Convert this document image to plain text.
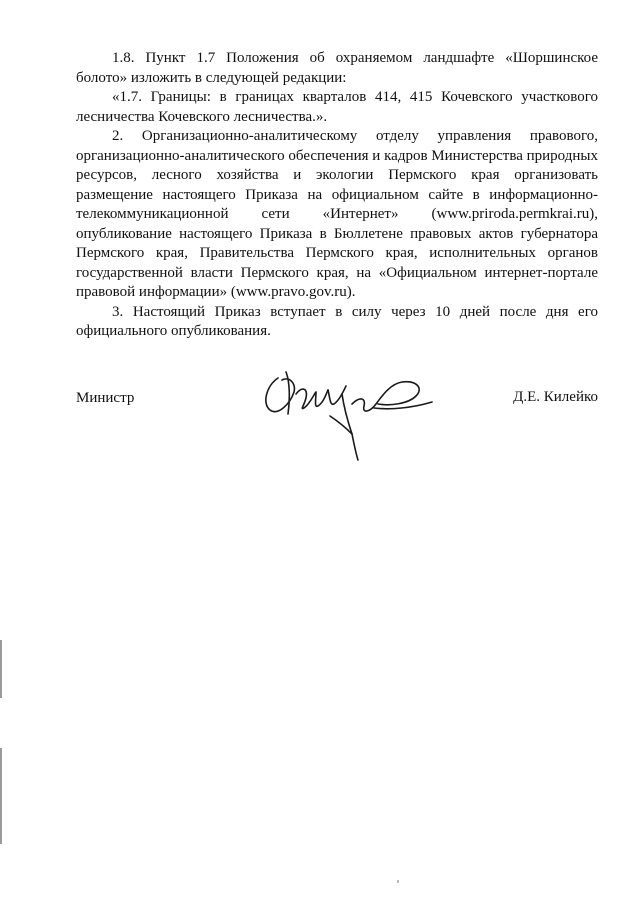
1.8. Пункт 1.7 Положения об охраняемом ландшафте «Шоршинское болото» изложить в следующей редакции:

«1.7. Границы: в границах кварталов 414, 415 Кочевского участкового лесничества Кочевского лесничества.».

2. Организационно-аналитическому отделу управления правового, организационно-аналитического обеспечения и кадров Министерства природных ресурсов, лесного хозяйства и экологии Пермского края организовать размещение настоящего Приказа на официальном сайте в информационно-телекоммуникационной сети «Интернет» (www.priroda.permkrai.ru), опубликование настоящего Приказа в Бюллетене правовых актов губернатора Пермского края, Правительства Пермского края, исполнительных органов государственной власти Пермского края, на «Официальном интернет-портале правовой информации» (www.pravo.gov.ru).

3. Настоящий Приказ вступает в силу через 10 дней после дня его официального опубликования.

Министр	Д.Е. Килейко
